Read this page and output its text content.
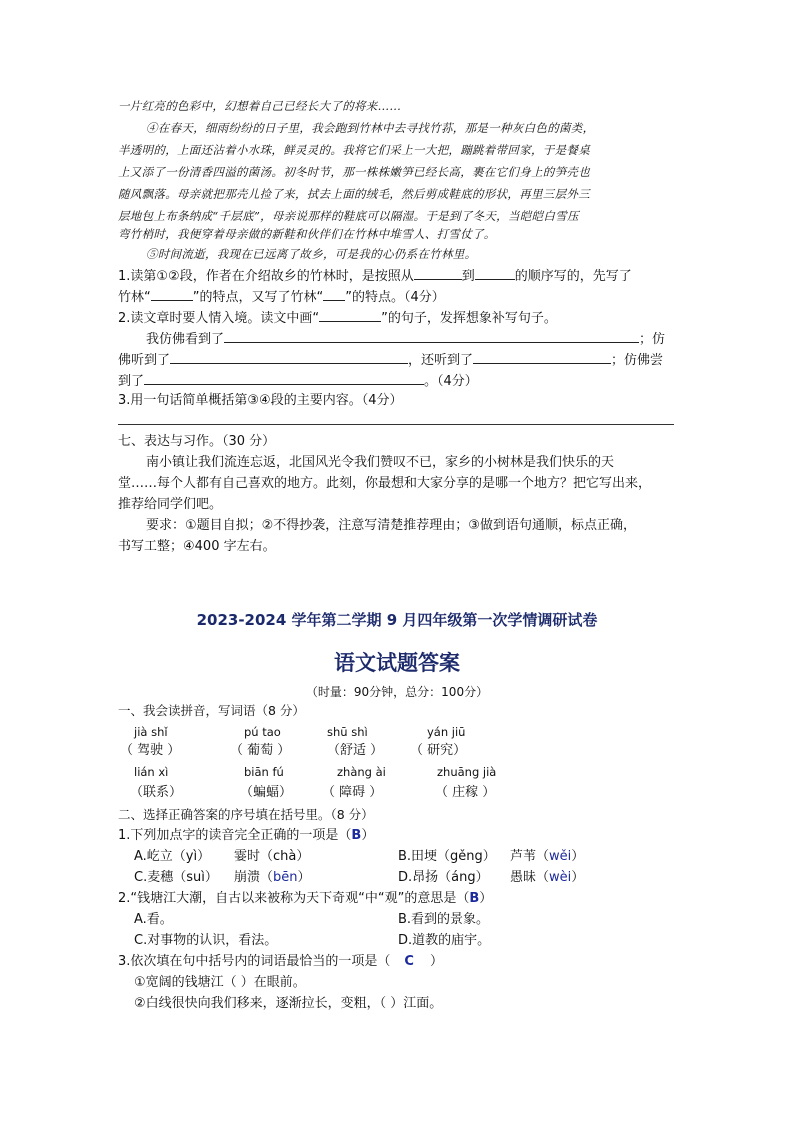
一片红亮的色彩中，幻想着自己已经长大了的将来……
④在春天，细雨纷纷的日子里，我会跑到竹林中去寻找竹荪，那是一种灰白色的菌类，
半透明的，上面还沾着小水珠，鲜灵灵的。我将它们采上一大把，蹦跳着带回家，于是餐桌
上又添了一份清香四溢的菌汤。初冬时节，那一株株嫩笋已经长高，裹在它们身上的笋壳也
随风飘落。母亲就把那壳儿捡了来，拭去上面的绒毛，然后剪成鞋底的形状，再里三层外三
层地包上布条纳成“千层底”，母亲说那样的鞋底可以隔湿。于是到了冬天，当皑皑白雪压
弯竹梢时，我便穿着母亲做的新鞋和伙伴们在竹林中堆雪人、打雪仗了。
⑤时间流逝，我现在已远离了故乡，可是我的心仍系在竹林里。
1.读第①②段，作者在介绍故乡的竹林时，是按照从	到	的顺序写的，先写了
竹林“	”的特点，又写了竹林“ ”的特点。（4分）
2.读文章时要人情入境。读文中画“	”的句子，发挥想象补写句子。
我仿佛看到了	；仿
佛听到了	，还听到了	；仿佛尝
到了	。（4分）
3.用一句话简单概括第③④段的主要内容。（4分）
七、表达与习作。（30 分）
南小镇让我们流连忘返，北国风光令我们赞叹不已，家乡的小树林是我们快乐的天
堂……每个人都有自己喜欢的地方。此刻，你最想和大家分享的是哪一个地方？把它写出来，
推荐给同学们吧。
要求：①题目自拟；②不得抄袭，注意写清楚推荐理由；③做到语句通顺，标点正确，
书写工整；④400 字左右。
2023-2024 学年第二学期 9 月四年级第一次学情调研试卷
语文试题答案
（时量：90分钟，总分：100分）
一、我会读拼音，写词语（8 分）
jià shǐ	pú tao	shū shì	yán jiū
（ 驾驶 ）	（ 葡萄 ）	（舒适 ） （ 研究）
lián xì	biān fú	zhàng ài	zhuāng jià
（联系）	（蝙蝠） （ 障碍 ）	（ 庄稼 ）
二、选择正确答案的序号填在括号里。（8 分）
1.下列加点字的读音完全正确的一项是（B）
A.屹立（yì） 霎时（chà）	B.田埂（gěng） 芦苇（wěi）
C.麦穗（suì） 崩溃（bēn）	D.昂扬（áng） 愚昧（wèi）
2.“钱塘江大潮，自古以来被称为天下奇观“中“观”的意思是（B）
A.看。	B.看到的景象。
C.对事物的认识，看法。	D.道教的庙宇。
3.依次填在句中括号内的词语最恰当的一项是（ C ）
①宽阔的钱塘江（ ）在眼前。
②白线很快向我们移来，逐渐拉长，变粗，（ ）江面。
